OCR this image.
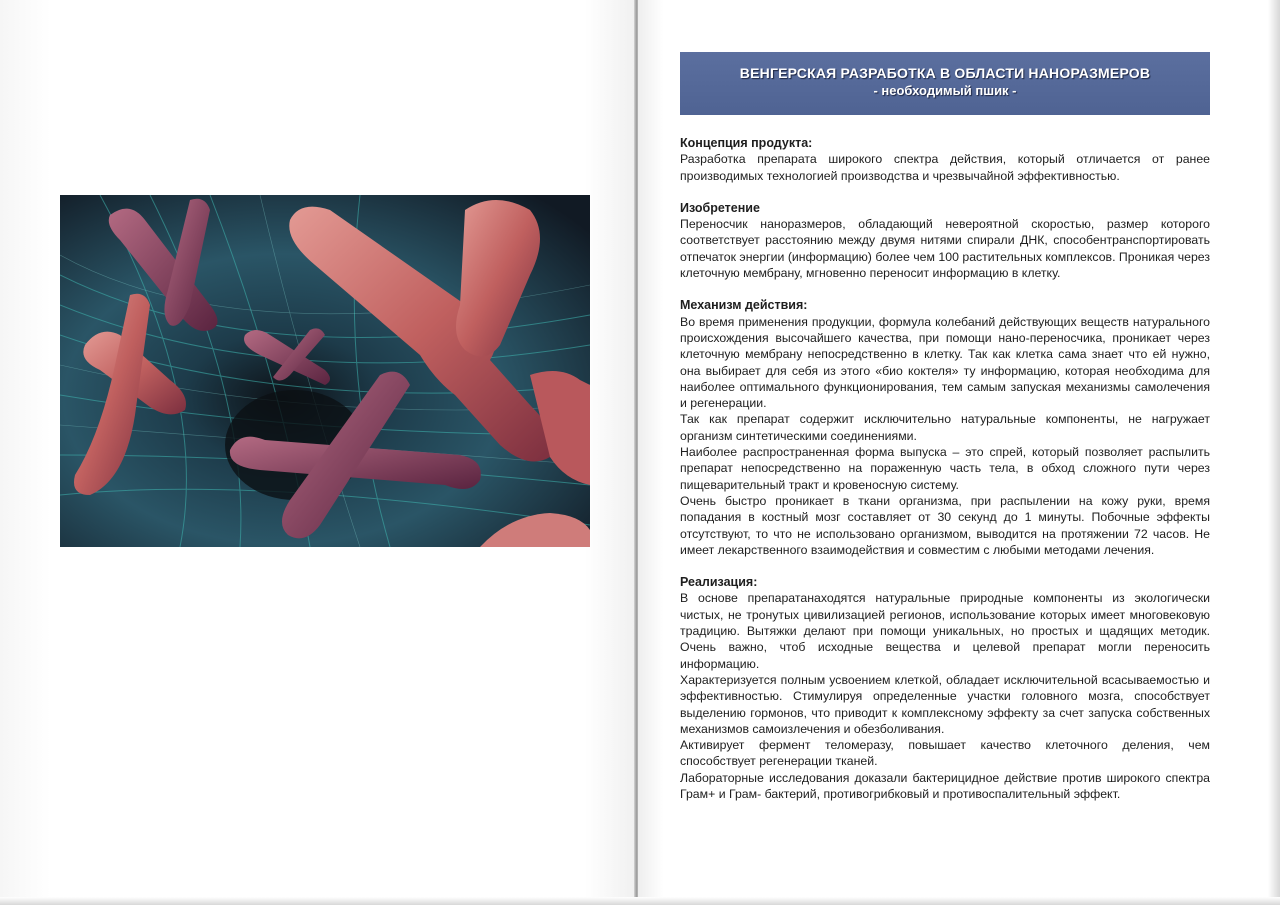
ВЕНГЕРСКАЯ РАЗРАБОТКА В ОБЛАСТИ НАНОРАЗМЕРОВ
- необходимый пшик -

Концепция продукта:

Разработка препарата широкого спектра действия, который отличается от ранее производимых технологией производства и чрезвычайной эффективностью.

Изобретение

Переносчик наноразмеров, обладающий невероятной скоростью, размер которого соответствует расстоянию между двумя нитями спирали ДНК, способентранспортировать отпечаток энергии (информацию) более чем 100 растительных комплексов. Проникая через клеточную мембрану, мгновенно переносит информацию в клетку.

Механизм действия:

Во время применения продукции, формула колебаний действующих веществ натурального происхождения высочайшего качества, при помощи нано-переносчика, проникает через клеточную мембрану непосредственно в клетку. Так как клетка сама знает что ей нужно, она выбирает для себя из этого «био коктеля» ту информацию, которая необходима для наиболее оптимального функционирования, тем самым запуская механизмы самолечения и регенерации.

Так как препарат содержит исключительно натуральные компоненты, не нагружает организм синтетическими соединениями.

Наиболее распространенная форма выпуска – это спрей, который позволяет распылить препарат непосредственно на пораженную часть тела, в обход сложного пути через пищеварительный тракт и кровеносную систему.

Очень быстро проникает в ткани организма, при распылении на кожу руки, время попадания в костный мозг составляет от 30 секунд до 1 минуты. Побочные эффекты отсутствуют, то что не использовано организмом, выводится на протяжении 72 часов. Не имеет лекарственного взаимодействия и совместим с любыми методами лечения.

Реализация:

В основе препаратанаходятся натуральные природные компоненты из экологически чистых, не тронутых цивилизацией регионов, использование которых имеет многовековую традицию. Вытяжки делают при помощи уникальных, но простых и щадящих методик. Очень важно, чтоб исходные вещества и целевой препарат могли переносить информацию.

Характеризуется полным усвоением клеткой, обладает исключительной всасываемостью и эффективностью. Стимулируя определенные участки головного мозга, способствует выделению гормонов, что приводит к комплексному эффекту за счет запуска собственных механизмов самоизлечения и обезболивания.

Активирует фермент теломеразу, повышает качество клеточного деления, чем способствует регенерации тканей.

Лабораторные исследования доказали бактерицидное действие против широкого спектра Грам+ и Грам- бактерий, противогрибковый и противоспалительный эффект.
